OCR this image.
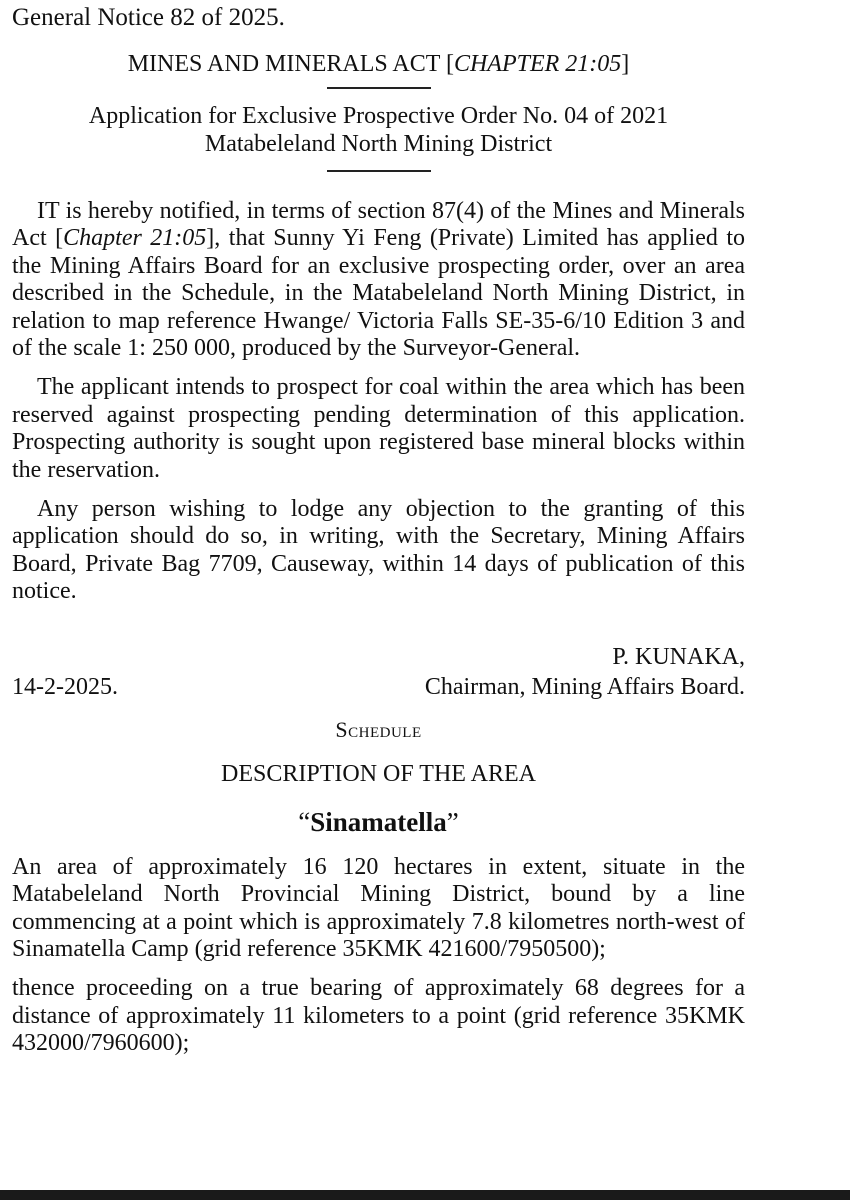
General Notice 82 of 2025.
MINES AND MINERALS ACT [CHAPTER 21:05]
Application for Exclusive Prospective Order No. 04 of 2021
Matabeleland North Mining District

IT is hereby notified, in terms of section 87(4) of the Mines and Minerals Act [Chapter 21:05], that Sunny Yi Feng (Private) Limited has applied to the Mining Affairs Board for an exclusive prospecting order, over an area described in the Schedule, in the Matabeleland North Mining District, in relation to map reference Hwange/ Victoria Falls SE-35-6/10 Edition 3 and of the scale 1: 250 000, produced by the Surveyor-General.

The applicant intends to prospect for coal within the area which has been reserved against prospecting pending determination of this application. Prospecting authority is sought upon registered base mineral blocks within the reservation.

Any person wishing to lodge any objection to the granting of this application should do so, in writing, with the Secretary, Mining Affairs Board, Private Bag 7709, Causeway, within 14 days of publication of this notice.

P. KUNAKA,
14-2-2025.	Chairman, Mining Affairs Board.
Schedule
DESCRIPTION OF THE AREA
“Sinamatella”

An area of approximately 16 120 hectares in extent, situate in the Matabeleland North Provincial Mining District, bound by a line commencing at a point which is approximately 7.8 kilometres north-west of Sinamatella Camp (grid reference 35KMK 421600/7950500);

thence proceeding on a true bearing of approximately 68 degrees for a distance of approximately 11 kilometers to a point (grid reference 35KMK 432000/7960600);
